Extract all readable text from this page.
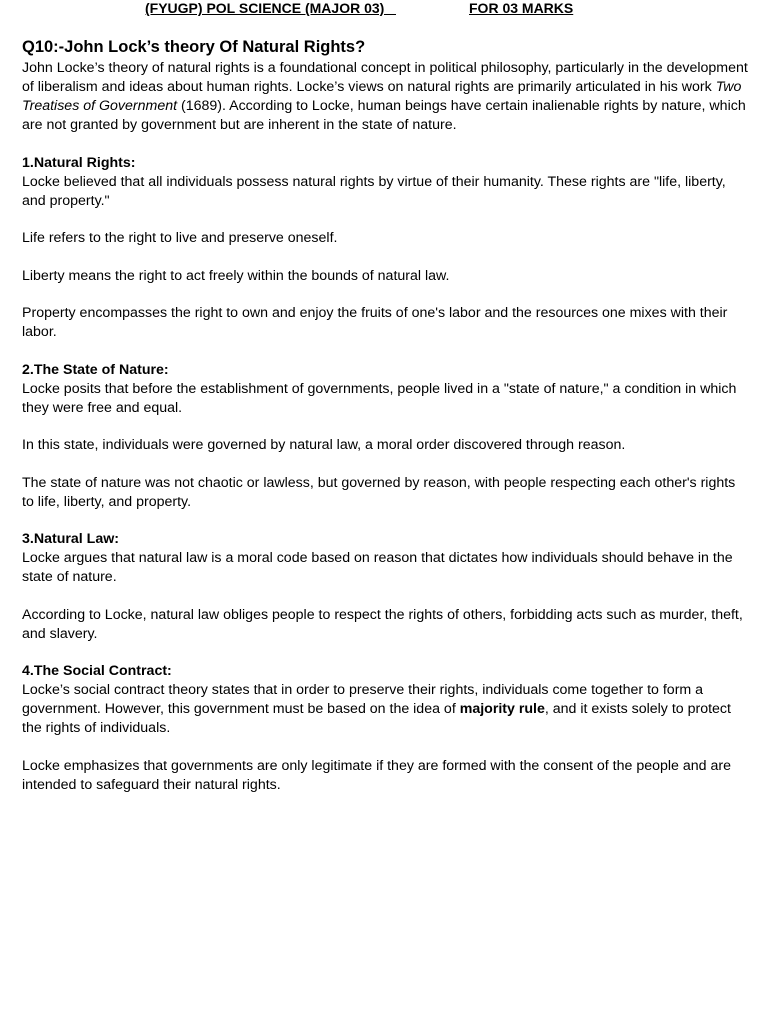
(FYUGP) POL SCIENCE (MAJOR 03)	FOR 03 MARKS
Q10:-John Lock’s theory Of Natural Rights?

John Locke’s theory of natural rights is a foundational concept in political philosophy, particularly in the development of liberalism and ideas about human rights. Locke’s views on natural rights are primarily articulated in his work Two Treatises of Government (1689). According to Locke, human beings have certain inalienable rights by nature, which are not granted by government but are inherent in the state of nature.

1.Natural Rights:

Locke believed that all individuals possess natural rights by virtue of their humanity. These rights are "life, liberty, and property."

Life refers to the right to live and preserve oneself.

Liberty means the right to act freely within the bounds of natural law.

Property encompasses the right to own and enjoy the fruits of one's labor and the resources one mixes with their labor.

2.The State of Nature:

Locke posits that before the establishment of governments, people lived in a "state of nature," a condition in which they were free and equal.

In this state, individuals were governed by natural law, a moral order discovered through reason.

The state of nature was not chaotic or lawless, but governed by reason, with people respecting each other's rights to life, liberty, and property.

3.Natural Law:

Locke argues that natural law is a moral code based on reason that dictates how individuals should behave in the state of nature.

According to Locke, natural law obliges people to respect the rights of others, forbidding acts such as murder, theft, and slavery.

4.The Social Contract:

Locke’s social contract theory states that in order to preserve their rights, individuals come together to form a government. However, this government must be based on the idea of majority rule, and it exists solely to protect the rights of individuals.

Locke emphasizes that governments are only legitimate if they are formed with the consent of the people and are intended to safeguard their natural rights.
